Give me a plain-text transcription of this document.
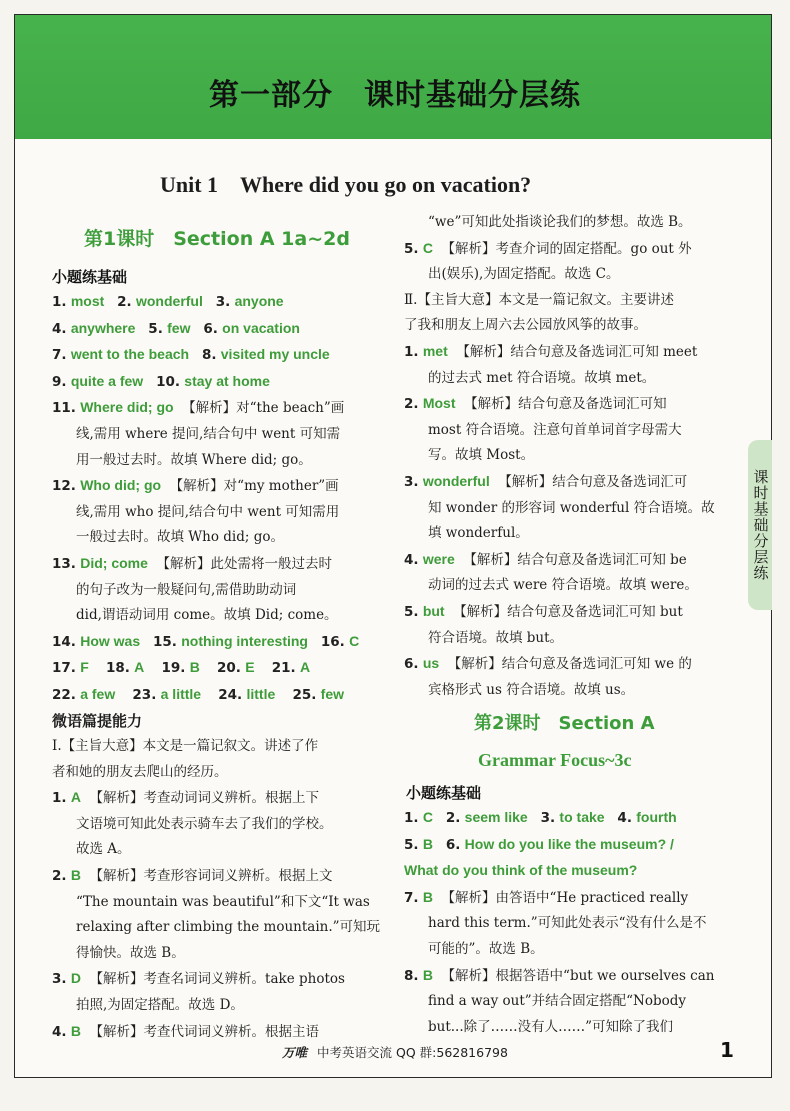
第一部分　课时基础分层练
课时基础分层练
Unit 1　Where did you go on vacation?
第1课时　Section A 1a~2d
小题练基础
1. most 2. wonderful 3. anyone
4. anywhere 5. few 6. on vacation
7. went to the beach 8. visited my uncle
9. quite a few 10. stay at home
11. Where did; go 【解析】对“the beach”画
线,需用 where 提问,结合句中 went 可知需
用一般过去时。故填 Where did; go。
12. Who did; go 【解析】对“my mother”画
线,需用 who 提问,结合句中 went 可知需用
一般过去时。故填 Who did; go。
13. Did; come 【解析】此处需将一般过去时
的句子改为一般疑问句,需借助助动词
did,谓语动词用 come。故填 Did; come。
14. How was 15. nothing interesting 16. C
17. F 18. A 19. B 20. E 21. A
22. a few 23. a little 24. little 25. few
微语篇提能力
Ⅰ.【主旨大意】本文是一篇记叙文。讲述了作
者和她的朋友去爬山的经历。
1. A 【解析】考查动词词义辨析。根据上下
文语境可知此处表示骑车去了我们的学校。
故选 A。
2. B 【解析】考查形容词词义辨析。根据上文
“The mountain was beautiful”和下文“It was
relaxing after climbing the mountain.”可知玩
得愉快。故选 B。
3. D 【解析】考查名词词义辨析。take photos
拍照,为固定搭配。故选 D。
4. B 【解析】考查代词词义辨析。根据主语
“we”可知此处指谈论我们的梦想。故选 B。
5. C 【解析】考查介词的固定搭配。go out 外
出(娱乐),为固定搭配。故选 C。
Ⅱ.【主旨大意】本文是一篇记叙文。主要讲述
了我和朋友上周六去公园放风筝的故事。
1. met 【解析】结合句意及备选词汇可知 meet
的过去式 met 符合语境。故填 met。
2. Most 【解析】结合句意及备选词汇可知
most 符合语境。注意句首单词首字母需大
写。故填 Most。
3. wonderful 【解析】结合句意及备选词汇可
知 wonder 的形容词 wonderful 符合语境。故
填 wonderful。
4. were 【解析】结合句意及备选词汇可知 be
动词的过去式 were 符合语境。故填 were。
5. but 【解析】结合句意及备选词汇可知 but
符合语境。故填 but。
6. us 【解析】结合句意及备选词汇可知 we 的
宾格形式 us 符合语境。故填 us。
第2课时　Section A
Grammar Focus~3c
小题练基础
1. C 2. seem like 3. to take 4. fourth
5. B 6. How do you like the museum? /
What do you think of the museum?
7. B 【解析】由答语中“He practiced really
hard this term.”可知此处表示“没有什么是不
可能的”。故选 B。
8. B 【解析】根据答语中“but we ourselves can
find a way out”并结合固定搭配“Nobody
but...除了……没有人……”可知除了我们
万唯 中考英语交流 QQ 群:562816798	1
